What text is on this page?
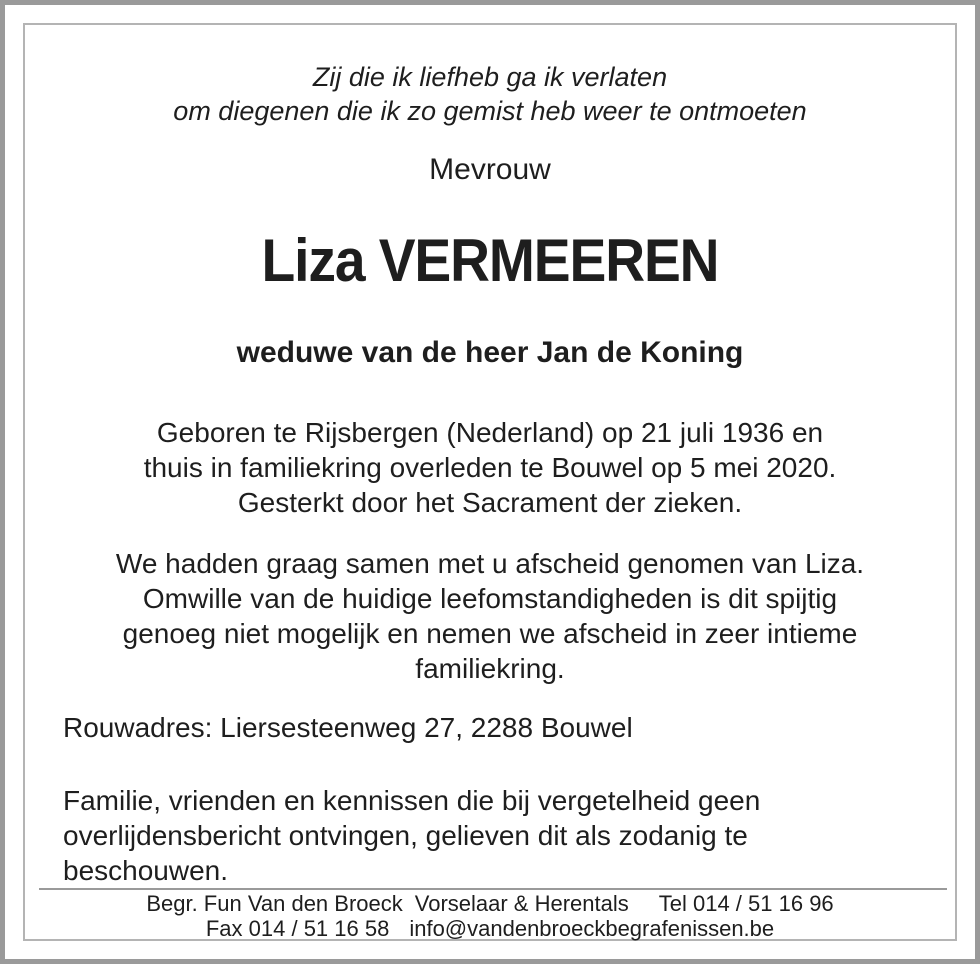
Zij die ik liefheb ga ik verlaten
om diegenen die ik zo gemist heb weer te ontmoeten
Mevrouw
Liza VERMEEREN
weduwe van de heer Jan de Koning
Geboren te Rijsbergen (Nederland) op 21 juli 1936 en
thuis in familiekring overleden te Bouwel op 5 mei 2020.
Gesterkt door het Sacrament der zieken.
We hadden graag samen met u afscheid genomen van Liza.
Omwille van de huidige leefomstandigheden is dit spijtig
genoeg niet mogelijk en nemen we afscheid in zeer intieme
familiekring.
Rouwadres: Liersesteenweg 27, 2288 Bouwel
Familie, vrienden en kennissen die bij vergetelheid geen
overlijdensbericht ontvingen, gelieven dit als zodanig te
beschouwen.
Begr. Fun Van den Broeck Vorselaar & Herentals Tel 014 / 51 16 96
Fax 014 / 51 16 58 info@vandenbroeckbegrafenissen.be
